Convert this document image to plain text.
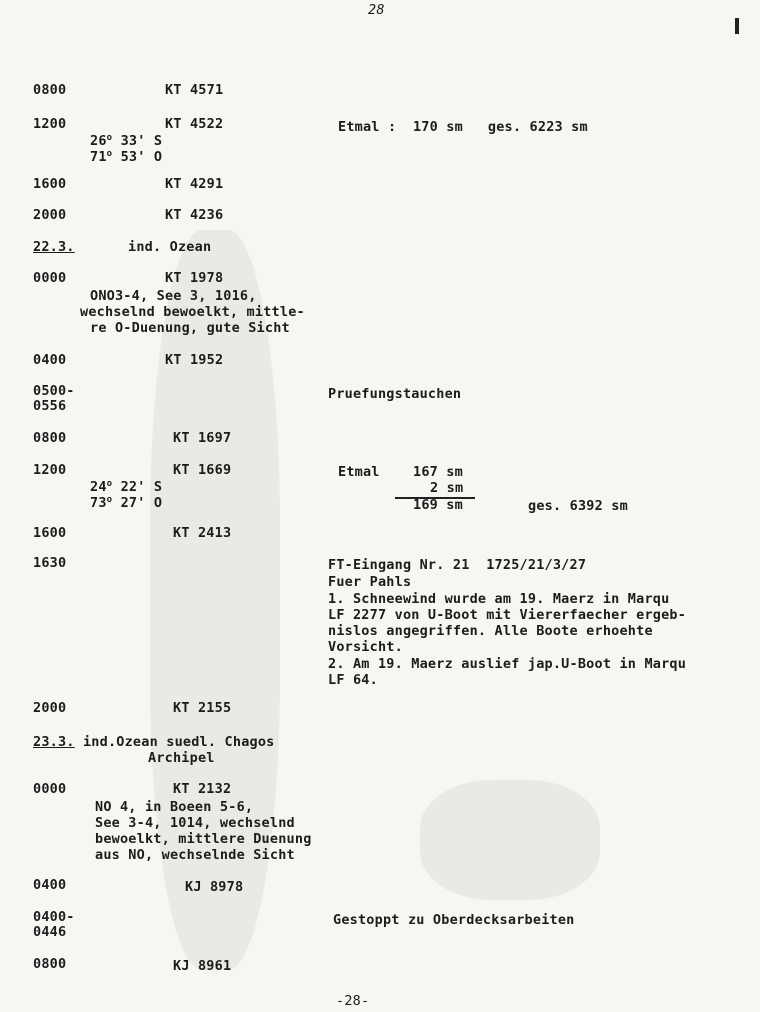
28
0800	KT 4571
1200	KT 4522
26$^o$ 33' S
71$^o$ 53' O
Etmal :  170 sm   ges. 6223 sm
1600	KT 4291
2000	KT 4236
22.3.	ind. Ozean
0000	KT 1978
ONO3-4, See 3, 1016,
wechselnd bewoelkt, mittle-
re O-Duenung, gute Sicht
0400	KT 1952
0500-
0556
Pruefungstauchen
0800	KT 1697
1200	KT 1669
24$^o$ 22' S
73$^o$ 27' O
Etmal 167 sm
2 sm
169 sm	ges. 6392 sm
1600	KT 2413
1630	FT-Eingang Nr. 21  1725/21/3/27
Fuer Pahls
1. Schneewind wurde am 19. Maerz in Marqu
LF 2277 von U-Boot mit Viererfaecher ergeb-
nislos angegriffen. Alle Boote erhoehte
Vorsicht.
2. Am 19. Maerz auslief jap.U-Boot in Marqu
LF 64.
2000	KT 2155
23.3. ind.Ozean suedl. Chagos
Archipel
0000	KT 2132
NO 4, in Boeen 5-6,
See 3-4, 1014, wechselnd
bewoelkt, mittlere Duenung
aus NO, wechselnde Sicht
0400	KJ 8978
0400-
0446
Gestoppt zu Oberdecksarbeiten
0800	KJ 8961
-28-
